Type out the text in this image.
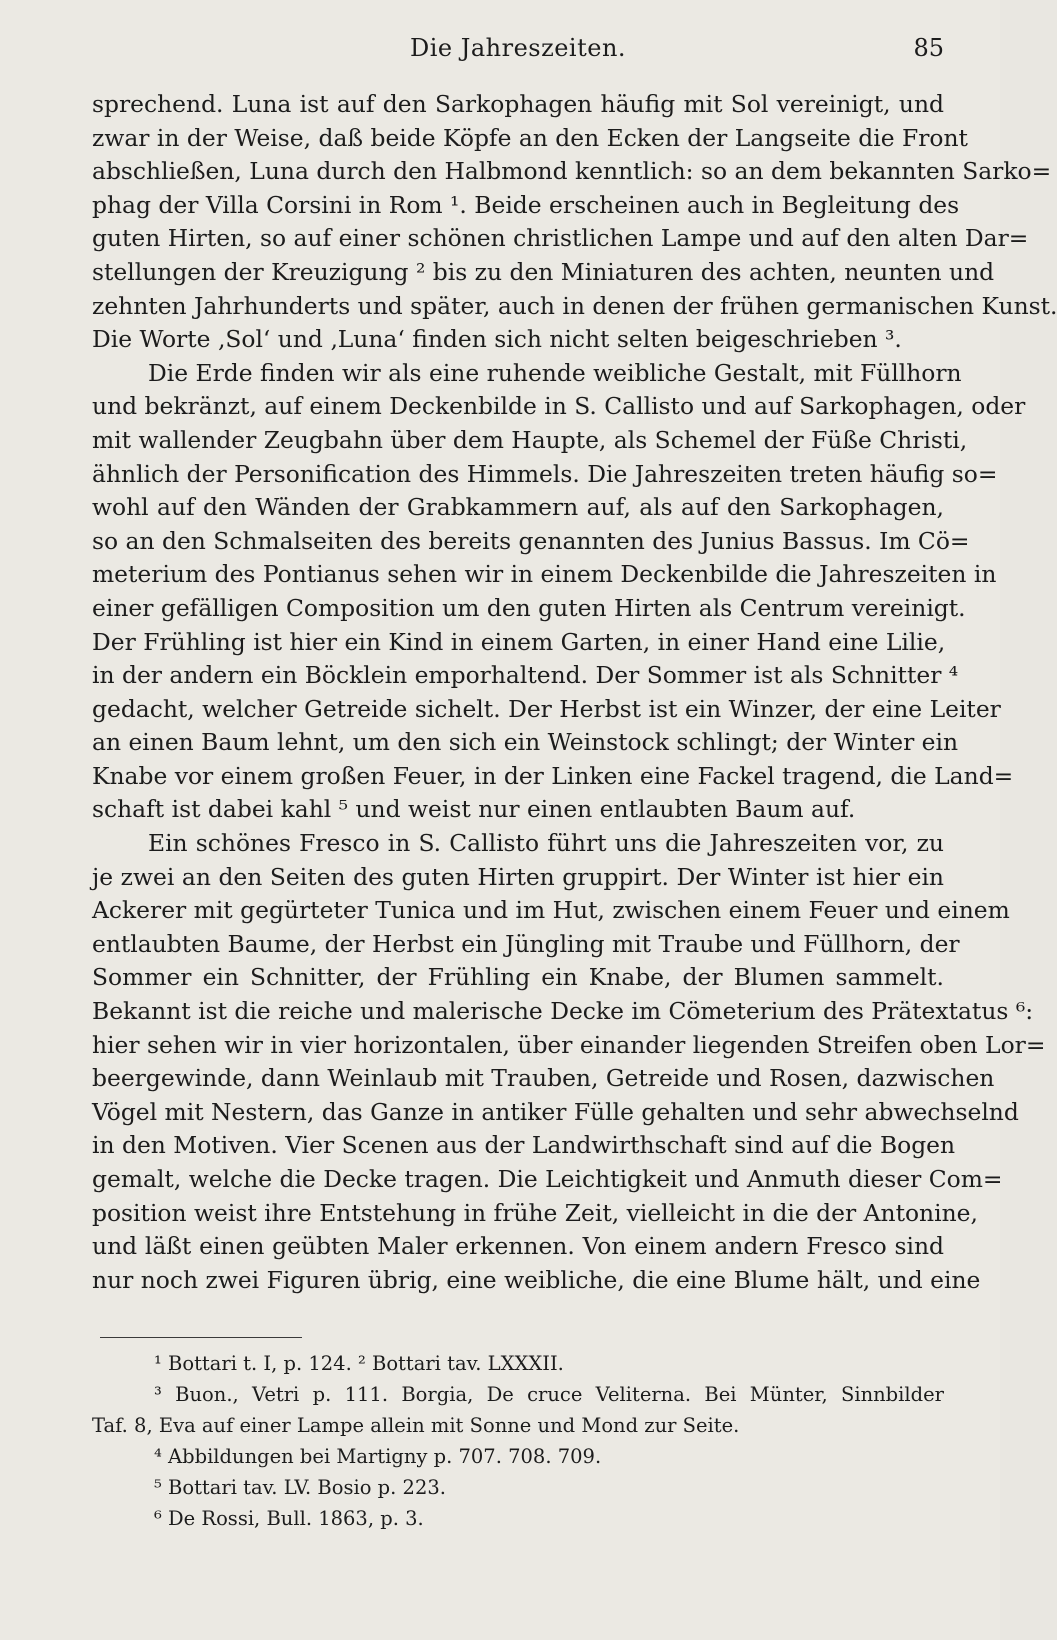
Die Jahreszeiten.	85
sprechend. Luna ist auf den Sarkophagen häufig mit Sol vereinigt, und
zwar in der Weise, daß beide Köpfe an den Ecken der Langseite die Front
abschließen, Luna durch den Halbmond kenntlich: so an dem bekannten Sarko=
phag der Villa Corsini in Rom ¹. Beide erscheinen auch in Begleitung des
guten Hirten, so auf einer schönen christlichen Lampe und auf den alten Dar=
stellungen der Kreuzigung ² bis zu den Miniaturen des achten, neunten und
zehnten Jahrhunderts und später, auch in denen der frühen germanischen Kunst.
Die Worte ‚Sol‘ und ‚Luna‘ finden sich nicht selten beigeschrieben ³.
Die Erde finden wir als eine ruhende weibliche Gestalt, mit Füllhorn
und bekränzt, auf einem Deckenbilde in S. Callisto und auf Sarkophagen, oder
mit wallender Zeugbahn über dem Haupte, als Schemel der Füße Christi,
ähnlich der Personification des Himmels. Die Jahreszeiten treten häufig so=
wohl auf den Wänden der Grabkammern auf, als auf den Sarkophagen,
so an den Schmalseiten des bereits genannten des Junius Bassus. Im Cö=
meterium des Pontianus sehen wir in einem Deckenbilde die Jahreszeiten in
einer gefälligen Composition um den guten Hirten als Centrum vereinigt.
Der Frühling ist hier ein Kind in einem Garten, in einer Hand eine Lilie,
in der andern ein Böcklein emporhaltend. Der Sommer ist als Schnitter ⁴
gedacht, welcher Getreide sichelt. Der Herbst ist ein Winzer, der eine Leiter
an einen Baum lehnt, um den sich ein Weinstock schlingt; der Winter ein
Knabe vor einem großen Feuer, in der Linken eine Fackel tragend, die Land=
schaft ist dabei kahl ⁵ und weist nur einen entlaubten Baum auf.
Ein schönes Fresco in S. Callisto führt uns die Jahreszeiten vor, zu
je zwei an den Seiten des guten Hirten gruppirt. Der Winter ist hier ein
Ackerer mit gegürteter Tunica und im Hut, zwischen einem Feuer und einem
entlaubten Baume, der Herbst ein Jüngling mit Traube und Füllhorn, der
Sommer ein Schnitter, der Frühling ein Knabe, der Blumen sammelt.
Bekannt ist die reiche und malerische Decke im Cömeterium des Prätextatus ⁶:
hier sehen wir in vier horizontalen, über einander liegenden Streifen oben Lor=
beergewinde, dann Weinlaub mit Trauben, Getreide und Rosen, dazwischen
Vögel mit Nestern, das Ganze in antiker Fülle gehalten und sehr abwechselnd
in den Motiven. Vier Scenen aus der Landwirthschaft sind auf die Bogen
gemalt, welche die Decke tragen. Die Leichtigkeit und Anmuth dieser Com=
position weist ihre Entstehung in frühe Zeit, vielleicht in die der Antonine,
und läßt einen geübten Maler erkennen. Von einem andern Fresco sind
nur noch zwei Figuren übrig, eine weibliche, die eine Blume hält, und eine
¹ Bottari t. I, p. 124. ² Bottari tav. LXXXII.
³ Buon., Vetri p. 111. Borgia, De cruce Veliterna. Bei Münter, Sinnbilder
Taf. 8, Eva auf einer Lampe allein mit Sonne und Mond zur Seite.
⁴ Abbildungen bei Martigny p. 707. 708. 709.
⁵ Bottari tav. LV. Bosio p. 223.
⁶ De Rossi, Bull. 1863, p. 3.
